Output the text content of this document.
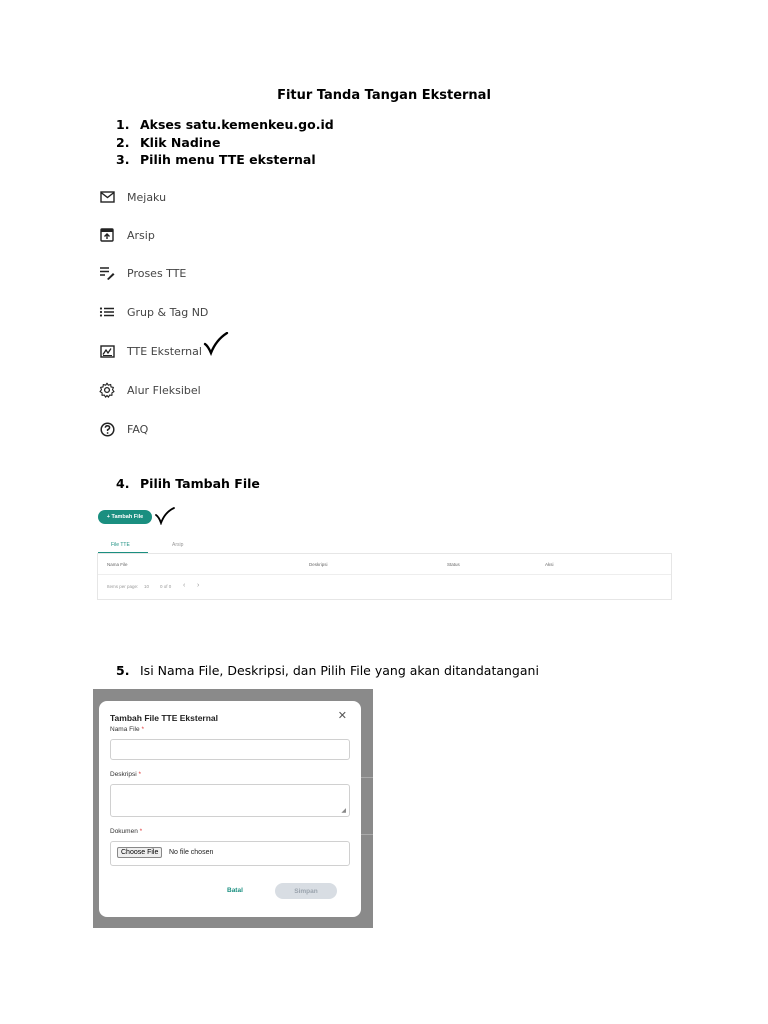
Fitur Tanda Tangan Eksternal
1. Akses satu.kemenkeu.go.id
2. Klik Nadine
3. Pilih menu TTE eksternal
Mejaku
Arsip
Proses TTE
Grup & Tag ND
TTE Eksternal
Alur Fleksibel
FAQ
4. Pilih Tambah File
+ Tambah File
File TTE	Arsip
Nama File	Deskripsi	Status	Aksi
Items per page: 10 0 of 0 ‹ ›
5. Isi Nama File, Deskripsi, dan Pilih File yang akan ditandatangani
Tambah File TTE Eksternal	✕
Nama File *
Deskripsi *
◢
Dokumen *
Choose File	No file chosen
Batal	Simpan
